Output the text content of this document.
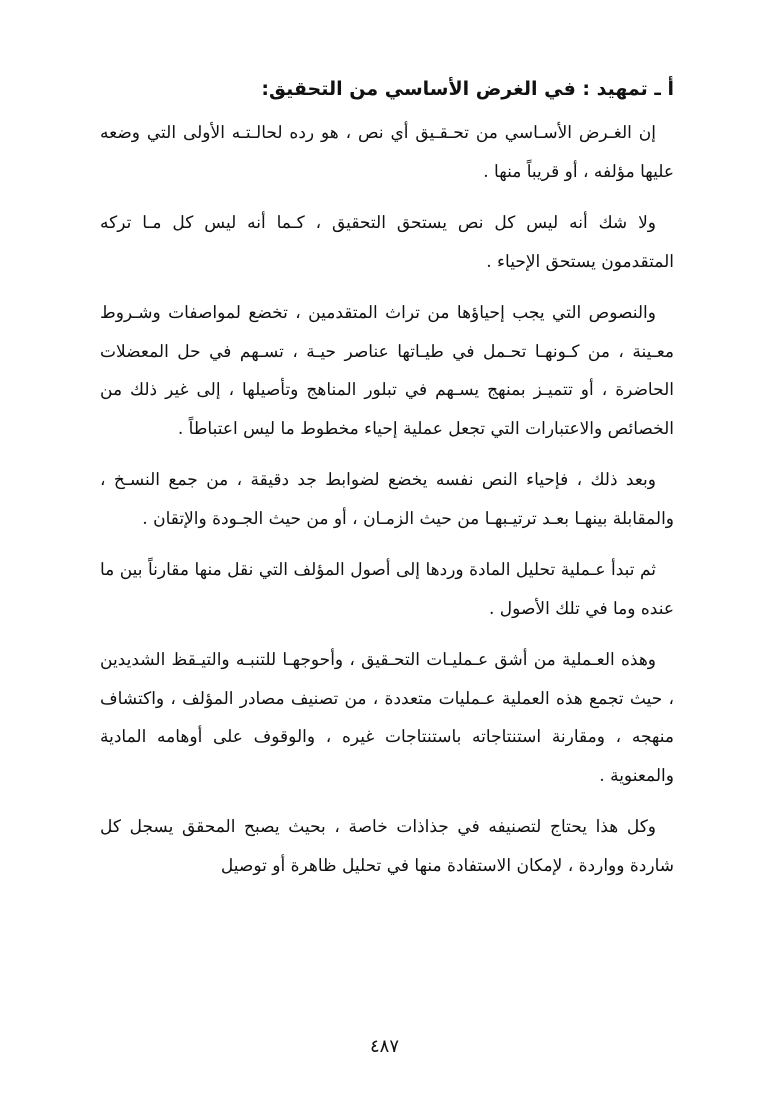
أ ـ تمهيد : في الغرض الأساسي من التحقيق:

إن الغـرض الأسـاسي من تحـقـيق أي نص ، هو رده لحالـتـه الأولى التي وضعه عليها مؤلفه ، أو قريباً منها .

ولا شك أنه ليس كل نص يستحق التحقيق ، كـما أنه ليس كل مـا تركه المتقدمون يستحق الإحياء .

والنصوص التي يجب إحياؤها من تراث المتقدمين ، تخضع لمواصفات وشـروط معـينة ، من كـونهـا تحـمل في طيـاتها عناصر حيـة ، تسـهم في حل المعضلات الحاضرة ، أو تتميـز بمنهج يسـهم في تبلور المناهج وتأصيلها ، إلى غير ذلك من الخصائص والاعتبارات التي تجعل عملية إحياء مخطوط ما ليس اعتباطاً .

وبعد ذلك ، فإحياء النص نفسه يخضع لضوابط جد دقيقة ، من جمع النسـخ ، والمقابلة بينهـا بعـد ترتيـبهـا من حيث الزمـان ، أو من حيث الجـودة والإتقان .

ثم تبدأ عـملية تحليل المادة وردها إلى أصول المؤلف التي نقل منها مقارناً بين ما عنده وما في تلك الأصول .

وهذه العـملية من أشق عـمليـات التحـقيق ، وأحوجهـا للتنبـه والتيـقظ الشديدين ، حيث تجمع هذه العملية عـمليات متعددة ، من تصنيف مصادر المؤلف ، واكتشاف منهجه ، ومقارنة استنتاجاته باستنتاجات غيره ، والوقوف على أوهامه المادية والمعنوية .

وكل هذا يحتاج لتصنيفه في جذاذات خاصة ، بحيث يصبح المحقق يسجل كل شاردة وواردة ، لإمكان الاستفادة منها في تحليل ظاهرة أو توصيل

٤٨٧
